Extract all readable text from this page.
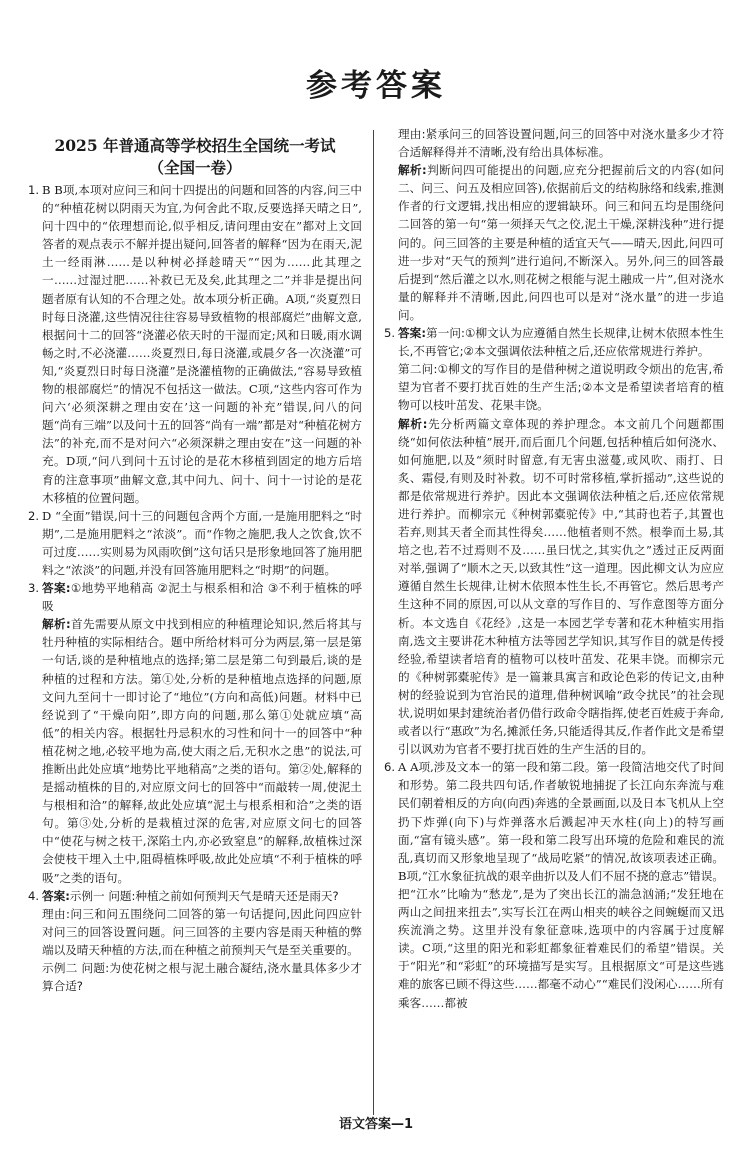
参考答案
2025 年普通高等学校招生全国统一考试
（全国一卷）
1. B B项,本项对应问三和问十四提出的问题和回答的内容,问三中的“种植花树以阴雨天为宜,为何舍此不取,反要选择天晴之日”,问十四中的“依理想而论,似乎相反,请问理由安在”都对上文回答者的观点表示不解并提出疑问,回答者的解释“因为在雨天,泥土一经雨淋……是以种树必择趁晴天”“因为……此其理之一……过湿过肥……补救已无及矣,此其理之二”并非是提出问题者原有认知的不合理之处。故本项分析正确。A项,“炎夏烈日时每日浇灌,这些情况往往容易导致植物的根部腐烂”曲解文意,根据问十二的回答“浇灌必依天时的干湿而定;风和日暖,雨水调畅之时,不必浇灌……炎夏烈日,每日浇灌,或晨夕各一次浇灌”可知,“炎夏烈日时每日浇灌”是浇灌植物的正确做法,“容易导致植物的根部腐烂”的情况不包括这一做法。C项,“这些内容可作为问六‘必须深耕之理由安在’这一问题的补充”错误,问八的问题“尚有三端”以及问十五的回答“尚有一端”都是对“种植花树方法”的补充,而不是对问六“必须深耕之理由安在”这一问题的补充。D项,“问八到问十五讨论的是花木移植到固定的地方后培育的注意事项”曲解文意,其中问九、问十、问十一讨论的是花木移植的位置问题。
2. D “全面”错误,问十三的问题包含两个方面,一是施用肥料之“时期”,二是施用肥料之“浓淡”。而“作物之施肥,我人之饮食,饮不可过度……实则易为风雨吹倒”这句话只是形象地回答了施用肥料之“浓淡”的问题,并没有回答施用肥料之“时期”的问题。
3. 答案:①地势平地稍高 ②泥土与根系相和洽 ③不利于植株的呼吸
解析:首先需要从原文中找到相应的种植理论知识,然后将其与牡丹种植的实际相结合。题中所给材料可分为两层,第一层是第一句话,谈的是种植地点的选择;第二层是第二句到最后,谈的是种植的过程和方法。第①处,分析的是种植地点选择的问题,原文问九至问十一即讨论了“地位”(方向和高低)问题。材料中已经说到了“干燥向阳”,即方向的问题,那么第①处就应填“高低”的相关内容。根据牡丹忌积水的习性和问十一的回答中“种植花树之地,必较平地为高,使大雨之后,无积水之患”的说法,可推断出此处应填“地势比平地稍高”之类的语句。第②处,解释的是摇动植株的目的,对应原文问七的回答中“而敲转一周,使泥土与根相和洽”的解释,故此处应填“泥土与根系相和洽”之类的语句。第③处,分析的是栽植过深的危害,对应原文问七的回答中“使花与树之枝干,深陷土内,亦必致窒息”的解释,故植株过深会使枝干埋入土中,阻碍植株呼吸,故此处应填“不利于植株的呼吸”之类的语句。
4. 答案:示例一 问题:种植之前如何预判天气是晴天还是雨天?
理由:问三和问五围绕问二回答的第一句话提问,因此问四应针对问三的回答设置问题。问三回答的主要内容是雨天种植的弊端以及晴天种植的方法,而在种植之前预判天气是至关重要的。
示例二 问题:为使花树之根与泥土融合凝结,浇水量具体多少才算合适?
理由:紧承问三的回答设置问题,问三的回答中对浇水量多少才符合适解释得并不清晰,没有给出具体标准。
解析:判断问四可能提出的问题,应充分把握前后文的内容(如问二、问三、问五及相应回答),依据前后文的结构脉络和线索,推测作者的行文逻辑,找出相应的逻辑缺环。问三和问五均是围绕问二回答的第一句“第一须择天气之佼,泥土干燥,深耕浅种”进行提问的。问三回答的主要是种植的适宜天气——晴天,因此,问四可进一步对“天气的预判”进行追问,不断深入。另外,问三的回答最后提到“然后灌之以水,则花树之根能与泥土融成一片”,但对浇水量的解释并不清晰,因此,问四也可以是对“浇水量”的进一步追问。
5. 答案:第一问:①柳文认为应遵循自然生长规律,让树木依照本性生长,不再管它;②本文强调依法种植之后,还应依常规进行养护。
第二问:①柳文的写作目的是借种树之道说明政令烦出的危害,希望为官者不要打扰百姓的生产生活;②本文是希望读者培育的植物可以枝叶茁发、花果丰饶。
解析:先分析两篇文章体现的养护理念。本文前几个问题都围绕“如何依法种植”展开,而后面几个问题,包括种植后如何浇水、如何施肥,以及“须时时留意,有无害虫滋蔓,或风吹、雨打、日炙、霜侵,有则及时补救。切不可时常移植,掌折摇动”,这些说的都是依常规进行养护。因此本文强调依法种植之后,还应依常规进行养护。而柳宗元《种树郭橐驼传》中,“其莳也若子,其置也若弃,则其天者全而其性得矣……他植者则不然。根拳而土易,其培之也,若不过焉则不及……虽曰忧之,其实仇之”透过正反两面对举,强调了“顺木之天,以致其性”这一道理。因此柳文认为应应遵循自然生长规律,让树木依照本性生长,不再管它。然后思考产生这种不同的原因,可以从文章的写作目的、写作意图等方面分析。本文选自《花经》,这是一本园艺学专著和花木种植实用指南,选文主要讲花木种植方法等园艺学知识,其写作目的就是传授经验,希望读者培育的植物可以枝叶茁发、花果丰饶。而柳宗元的《种树郭橐驼传》是一篇兼具寓言和政论色彩的传记文,由种树的经验说到为官治民的道理,借种树讽喻“政令扰民”的社会现状,说明如果封建统治者仍借行政命令瞎指挥,使老百姓疲于奔命,或者以行“惠政”为名,摊派任务,只能适得其反,作者作此文是希望引以讽劝为官者不要打扰百姓的生产生活的目的。
6. A A项,涉及文本一的第一段和第二段。第一段简洁地交代了时间和形势。第二段共四句话,作者敏锐地捕捉了长江向东奔流与难民们朝着相反的方向(向西)奔逃的全景画面,以及日本飞机从上空扔下炸弹(向下)与炸弹落水后溅起冲天水柱(向上)的特写画面,“富有镜头感”。第一段和第二段写出环境的危险和难民的流乱,真切而又形象地呈现了“战局吃紧”的情况,故该项表述正确。B项,“江水象征抗战的艰辛曲折以及人们不屈不挠的意志”错误。把“江水”比喻为“愁龙”,是为了突出长江的湍急汹涌;“发狂地在两山之间扭来扭去”,实写长江在两山相夹的峡谷之间蜿蜒而又迅疾流淌之势。这里并没有象征意味,选项中的内容属于过度解读。C项,“这里的阳光和彩虹都象征着难民们的希望”错误。关于“阳光”和“彩虹”的环境描写是实写。且根据原文“可是这些逃难的旅客已顾不得这些……都毫不动心”“难民们没闲心……所有乘客……都被
语文答案—1
